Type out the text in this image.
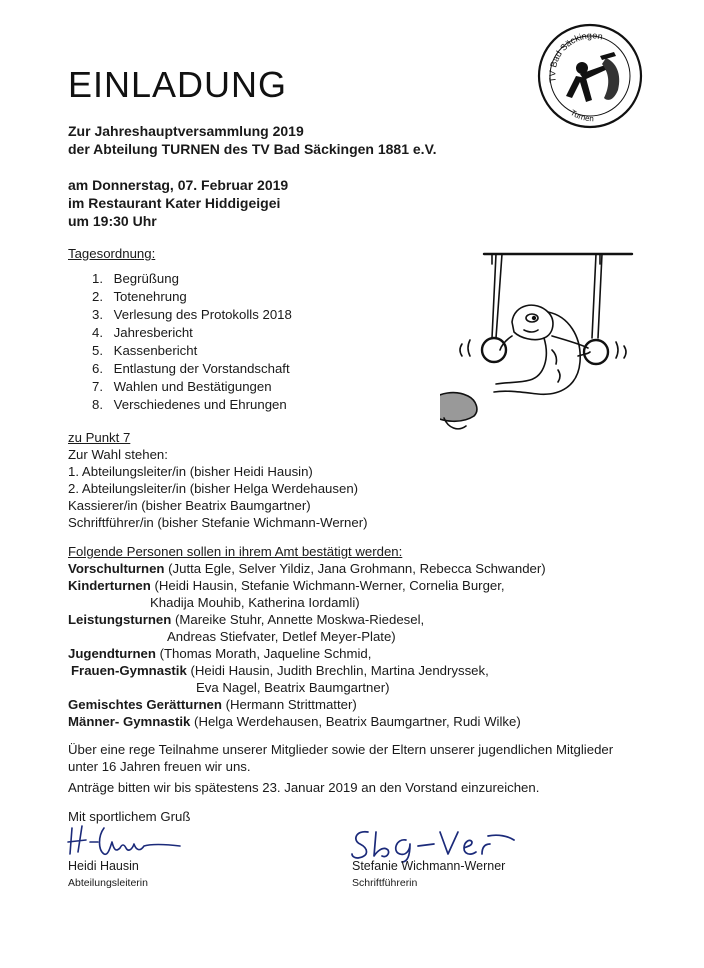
EINLADUNG	TV Bad Säckingen
Turnen
Zur Jahreshauptversammlung 2019
der Abteilung TURNEN des TV Bad Säckingen 1881 e.V.
am Donnerstag, 07. Februar 2019
im Restaurant Kater Hiddigeigei
um 19:30 Uhr
Tagesordnung:
1. Begrüßung
2. Totenehrung
3. Verlesung des Protokolls 2018
4. Jahresbericht
5. Kassenbericht
6. Entlastung der Vorstandschaft
7. Wahlen und Bestätigungen
8. Verschiedenes und Ehrungen
zu Punkt 7
Zur Wahl stehen:
1. Abteilungsleiter/in (bisher Heidi Hausin)
2. Abteilungsleiter/in (bisher Helga Werdehausen)
Kassierer/in (bisher Beatrix Baumgartner)
Schriftführer/in (bisher Stefanie Wichmann-Werner)
Folgende Personen sollen in ihrem Amt bestätigt werden:
Vorschulturnen (Jutta Egle, Selver Yildiz, Jana Grohmann, Rebecca Schwander)
Kinderturnen (Heidi Hausin, Stefanie Wichmann-Werner, Cornelia Burger,
Khadija Mouhib, Katherina Iordamli)
Leistungsturnen (Mareike Stuhr, Annette Moskwa-Riedesel,
Andreas Stiefvater, Detlef Meyer-Plate)
Jugendturnen (Thomas Morath, Jaqueline Schmid,
Frauen-Gymnastik (Heidi Hausin, Judith Brechlin, Martina Jendryssek,
Eva Nagel, Beatrix Baumgartner)
Gemischtes Gerätturnen (Hermann Strittmatter)
Männer- Gymnastik (Helga Werdehausen, Beatrix Baumgartner, Rudi Wilke)
Über eine rege Teilnahme unserer Mitglieder sowie der Eltern unserer jugendlichen Mitglieder
unter 16 Jahren freuen wir uns.
Anträge bitten wir bis spätestens 23. Januar 2019 an den Vorstand einzureichen.
Mit sportlichem Gruß
Heidi Hausin
Abteilungsleiterin
Stefanie Wichmann-Werner
Schriftführerin
